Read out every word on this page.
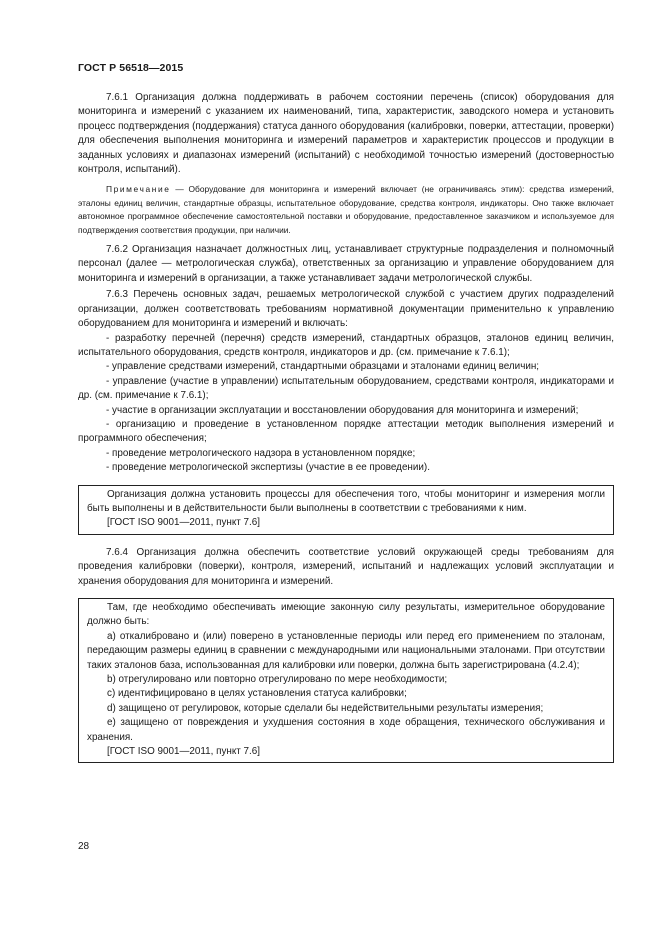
ГОСТ Р 56518—2015

7.6.1 Организация должна поддерживать в рабочем состоянии перечень (список) оборудования для мониторинга и измерений с указанием их наименований, типа, характеристик, заводского номера и установить процесс подтверждения (поддержания) статуса данного оборудования (калибровки, поверки, аттестации, проверки) для обеспечения выполнения мониторинга и измерений параметров и характеристик процессов и продукции в заданных условиях и диапазонах измерений (испытаний) с необходимой точностью измерений (достоверностью контроля, испытаний).

Примечание — Оборудование для мониторинга и измерений включает (не ограничиваясь этим): средства измерений, эталоны единиц величин, стандартные образцы, испытательное оборудование, средства контроля, индикаторы. Оно также включает автономное программное обеспечение самостоятельной поставки и оборудование, предоставленное заказчиком и используемое для подтверждения соответствия продукции, при наличии.

7.6.2 Организация назначает должностных лиц, устанавливает структурные подразделения и полномочный персонал (далее — метрологическая служба), ответственных за организацию и управление оборудованием для мониторинга и измерений в организации, а также устанавливает задачи метрологической службы.

7.6.3 Перечень основных задач, решаемых метрологической службой с участием других подразделений организации, должен соответствовать требованиям нормативной документации применительно к управлению оборудованием для мониторинга и измерений и включать:

- разработку перечней (перечня) средств измерений, стандартных образцов, эталонов единиц величин, испытательного оборудования, средств контроля, индикаторов и др. (см. примечание к 7.6.1);

- управление средствами измерений, стандартными образцами и эталонами единиц величин;

- управление (участие в управлении) испытательным оборудованием, средствами контроля, индикаторами и др. (см. примечание к 7.6.1);

- участие в организации эксплуатации и восстановлении оборудования для мониторинга и измерений;

- организацию и проведение в установленном порядке аттестации методик выполнения измерений и программного обеспечения;

- проведение метрологического надзора в установленном порядке;

- проведение метрологической экспертизы (участие в ее проведении).

Организация должна установить процессы для обеспечения того, чтобы мониторинг и измерения могли быть выполнены и в действительности были выполнены в соответствии с требованиями к ним.

[ГОСТ ISO 9001—2011, пункт 7.6]

7.6.4 Организация должна обеспечить соответствие условий окружающей среды требованиям для проведения калибровки (поверки), контроля, измерений, испытаний и надлежащих условий эксплуатации и хранения оборудования для мониторинга и измерений.

Там, где необходимо обеспечивать имеющие законную силу результаты, измерительное оборудование должно быть:

a) откалибровано и (или) поверено в установленные периоды или перед его применением по эталонам, передающим размеры единиц в сравнении с международными или национальными эталонами. При отсутствии таких эталонов база, использованная для калибровки или поверки, должна быть зарегистрирована (4.2.4);

b) отрегулировано или повторно отрегулировано по мере необходимости;

c) идентифицировано в целях установления статуса калибровки;

d) защищено от регулировок, которые сделали бы недействительными результаты измерения;

e) защищено от повреждения и ухудшения состояния в ходе обращения, технического обслуживания и хранения.

[ГОСТ ISO 9001—2011, пункт 7.6]

28
